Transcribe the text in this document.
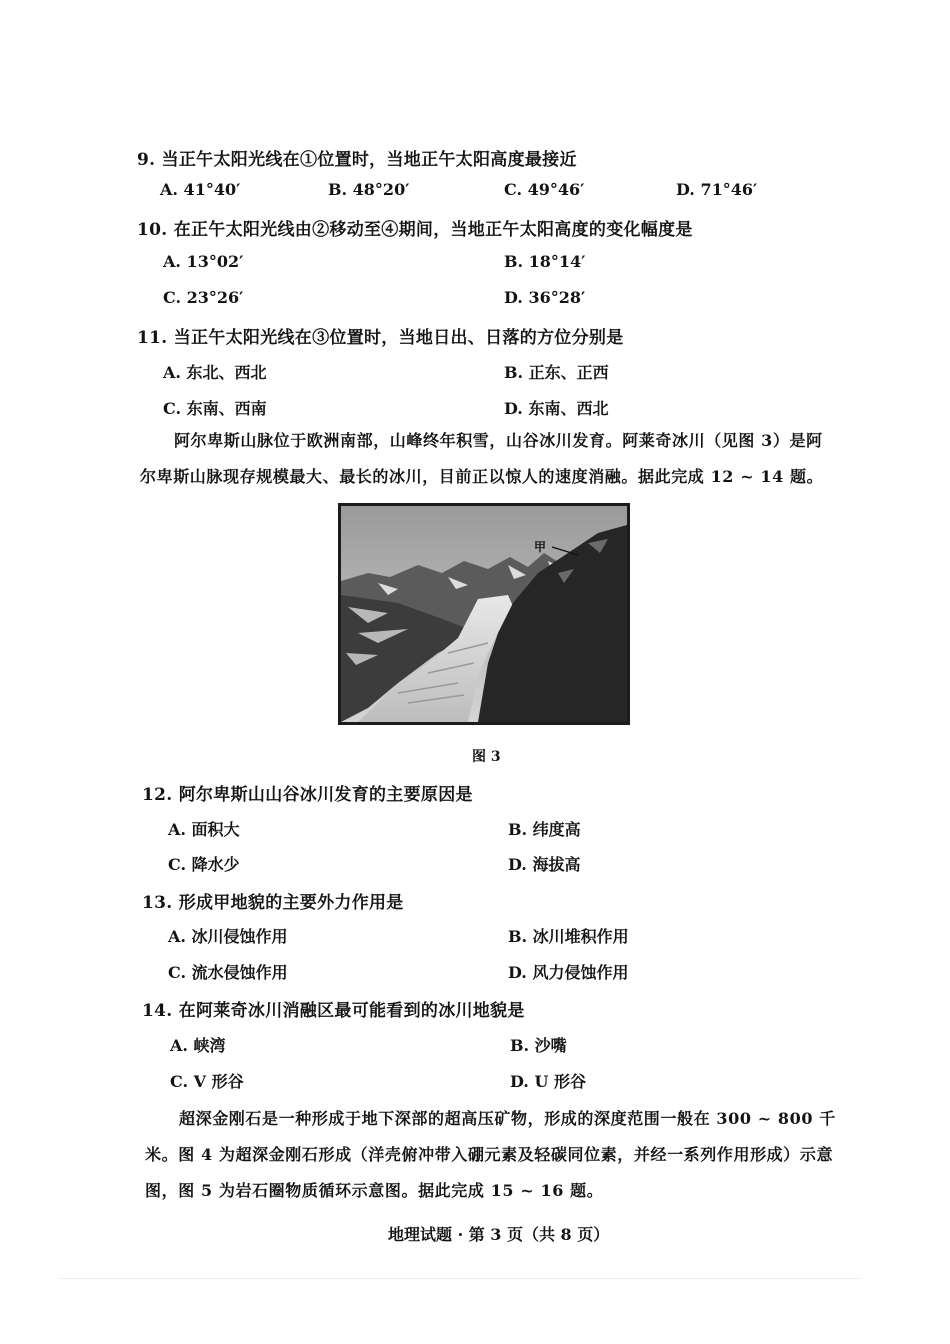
9. 当正午太阳光线在①位置时，当地正午太阳高度最接近
A. 41°40′	B. 48°20′	C. 49°46′	D. 71°46′
10. 在正午太阳光线由②移动至④期间，当地正午太阳高度的变化幅度是
A. 13°02′	B. 18°14′
C. 23°26′	D. 36°28′
11. 当正午太阳光线在③位置时，当地日出、日落的方位分别是
A. 东北、西北	B. 正东、正西
C. 东南、西南	D. 东南、西北

阿尔卑斯山脉位于欧洲南部，山峰终年积雪，山谷冰川发育。阿莱奇冰川（见图 3）是阿

尔卑斯山脉现存规模最大、最长的冰川，目前正以惊人的速度消融。据此完成 12 ~ 14 题。

甲
图 3
12. 阿尔卑斯山山谷冰川发育的主要原因是
A. 面积大	B. 纬度高
C. 降水少	D. 海拔高
13. 形成甲地貌的主要外力作用是
A. 冰川侵蚀作用	B. 冰川堆积作用
C. 流水侵蚀作用	D. 风力侵蚀作用
14. 在阿莱奇冰川消融区最可能看到的冰川地貌是
A. 峡湾	B. 沙嘴
C. V 形谷	D. U 形谷

超深金刚石是一种形成于地下深部的超高压矿物，形成的深度范围一般在 300 ~ 800 千

米。图 4 为超深金刚石形成（洋壳俯冲带入硼元素及轻碳同位素，并经一系列作用形成）示意

图，图 5 为岩石圈物质循环示意图。据此完成 15 ~ 16 题。

地理试题 · 第 3 页（共 8 页）
